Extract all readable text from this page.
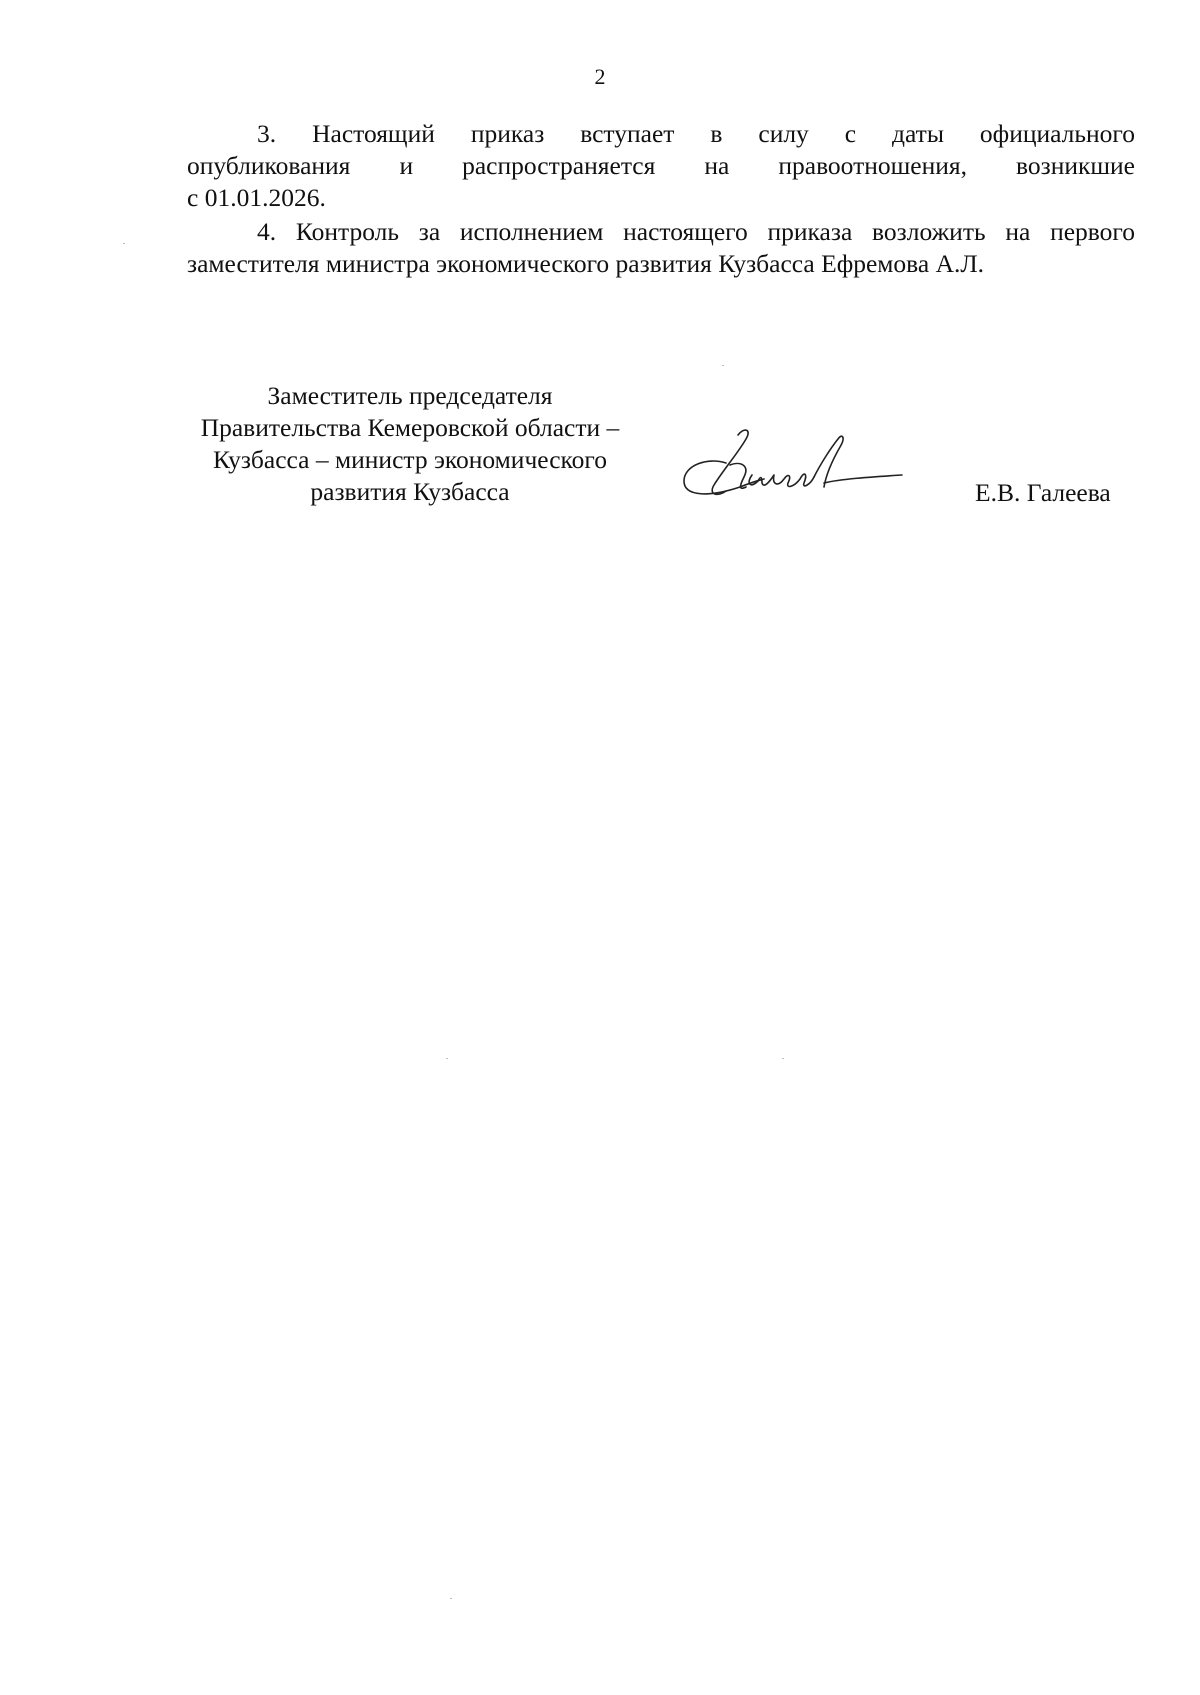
2
3. Настоящий приказ вступает в силу с даты официального
опубликования и распространяется на правоотношения, возникшие
с 01.01.2026.
4. Контроль за исполнением настоящего приказа возложить на первого заместителя министра экономического развития Кузбасса Ефремова А.Л.
Заместитель председателя
Правительства Кемеровской области –
Кузбасса – министр экономического
развития Кузбасса	Е.В. Галеева
